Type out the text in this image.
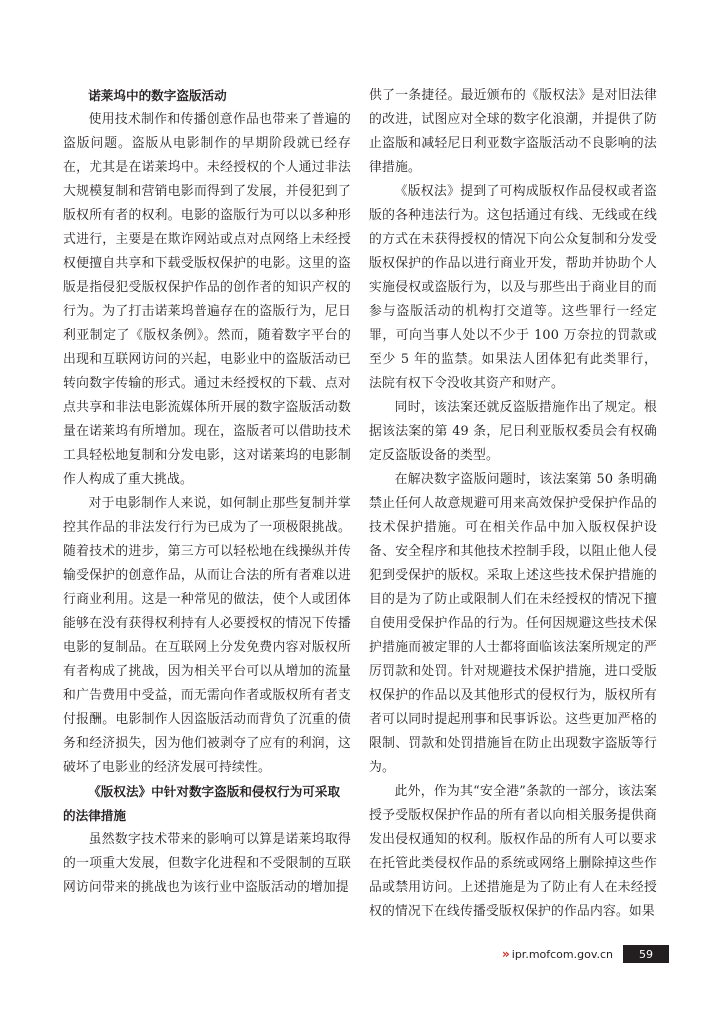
诺莱坞中的数字盗版活动

使用技术制作和传播创意作品也带来了普遍的盗版问题。盗版从电影制作的早期阶段就已经存在，尤其是在诺莱坞中。未经授权的个人通过非法大规模复制和营销电影而得到了发展，并侵犯到了版权所有者的权利。电影的盗版行为可以以多种形式进行，主要是在欺诈网站或点对点网络上未经授权便擅自共享和下载受版权保护的电影。这里的盗版是指侵犯受版权保护作品的创作者的知识产权的行为。为了打击诺莱坞普遍存在的盗版行为，尼日利亚制定了《版权条例》。然而，随着数字平台的出现和互联网访问的兴起，电影业中的盗版活动已转向数字传输的形式。通过未经授权的下载、点对点共享和非法电影流媒体所开展的数字盗版活动数量在诺莱坞有所增加。现在，盗版者可以借助技术工具轻松地复制和分发电影，这对诺莱坞的电影制作人构成了重大挑战。

对于电影制作人来说，如何制止那些复制并掌控其作品的非法发行行为已成为了一项极限挑战。随着技术的进步，第三方可以轻松地在线操纵并传输受保护的创意作品，从而让合法的所有者难以进行商业利用。这是一种常见的做法，使个人或团体能够在没有获得权利持有人必要授权的情况下传播电影的复制品。在互联网上分发免费内容对版权所有者构成了挑战，因为相关平台可以从增加的流量和广告费用中受益，而无需向作者或版权所有者支付报酬。电影制作人因盗版活动而背负了沉重的债务和经济损失，因为他们被剥夺了应有的利润，这破坏了电影业的经济发展可持续性。

《版权法》中针对数字盗版和侵权行为可采取的法律措施

虽然数字技术带来的影响可以算是诺莱坞取得的一项重大发展，但数字化进程和不受限制的互联网访问带来的挑战也为该行业中盗版活动的增加提

供了一条捷径。最近颁布的《版权法》是对旧法律的改进，试图应对全球的数字化浪潮，并提供了防止盗版和减轻尼日利亚数字盗版活动不良影响的法律措施。

《版权法》提到了可构成版权作品侵权或者盗版的各种违法行为。这包括通过有线、无线或在线的方式在未获得授权的情况下向公众复制和分发受版权保护的作品以进行商业开发，帮助并协助个人实施侵权或盗版行为，以及与那些出于商业目的而参与盗版活动的机构打交道等。这些罪行一经定罪，可向当事人处以不少于 100 万奈拉的罚款或至少 5 年的监禁。如果法人团体犯有此类罪行，法院有权下令没收其资产和财产。

同时，该法案还就反盗版措施作出了规定。根据该法案的第 49 条，尼日利亚版权委员会有权确定反盗版设备的类型。

在解决数字盗版问题时，该法案第 50 条明确禁止任何人故意规避可用来高效保护受保护作品的技术保护措施。可在相关作品中加入版权保护设备、安全程序和其他技术控制手段，以阻止他人侵犯到受保护的版权。采取上述这些技术保护措施的目的是为了防止或限制人们在未经授权的情况下擅自使用受保护作品的行为。任何因规避这些技术保护措施而被定罪的人士都将面临该法案所规定的严厉罚款和处罚。针对规避技术保护措施，进口受版权保护的作品以及其他形式的侵权行为，版权所有者可以同时提起刑事和民事诉讼。这些更加严格的限制、罚款和处罚措施旨在防止出现数字盗版等行为。

此外，作为其“安全港”条款的一部分，该法案授予受版权保护作品的所有者以向相关服务提供商发出侵权通知的权利。版权作品的所有人可以要求在托管此类侵权作品的系统或网络上删除掉这些作品或禁用访问。上述措施是为了防止有人在未经授权的情况下在线传播受版权保护的作品内容。如果

» ipr.mofcom.gov.cn	59
